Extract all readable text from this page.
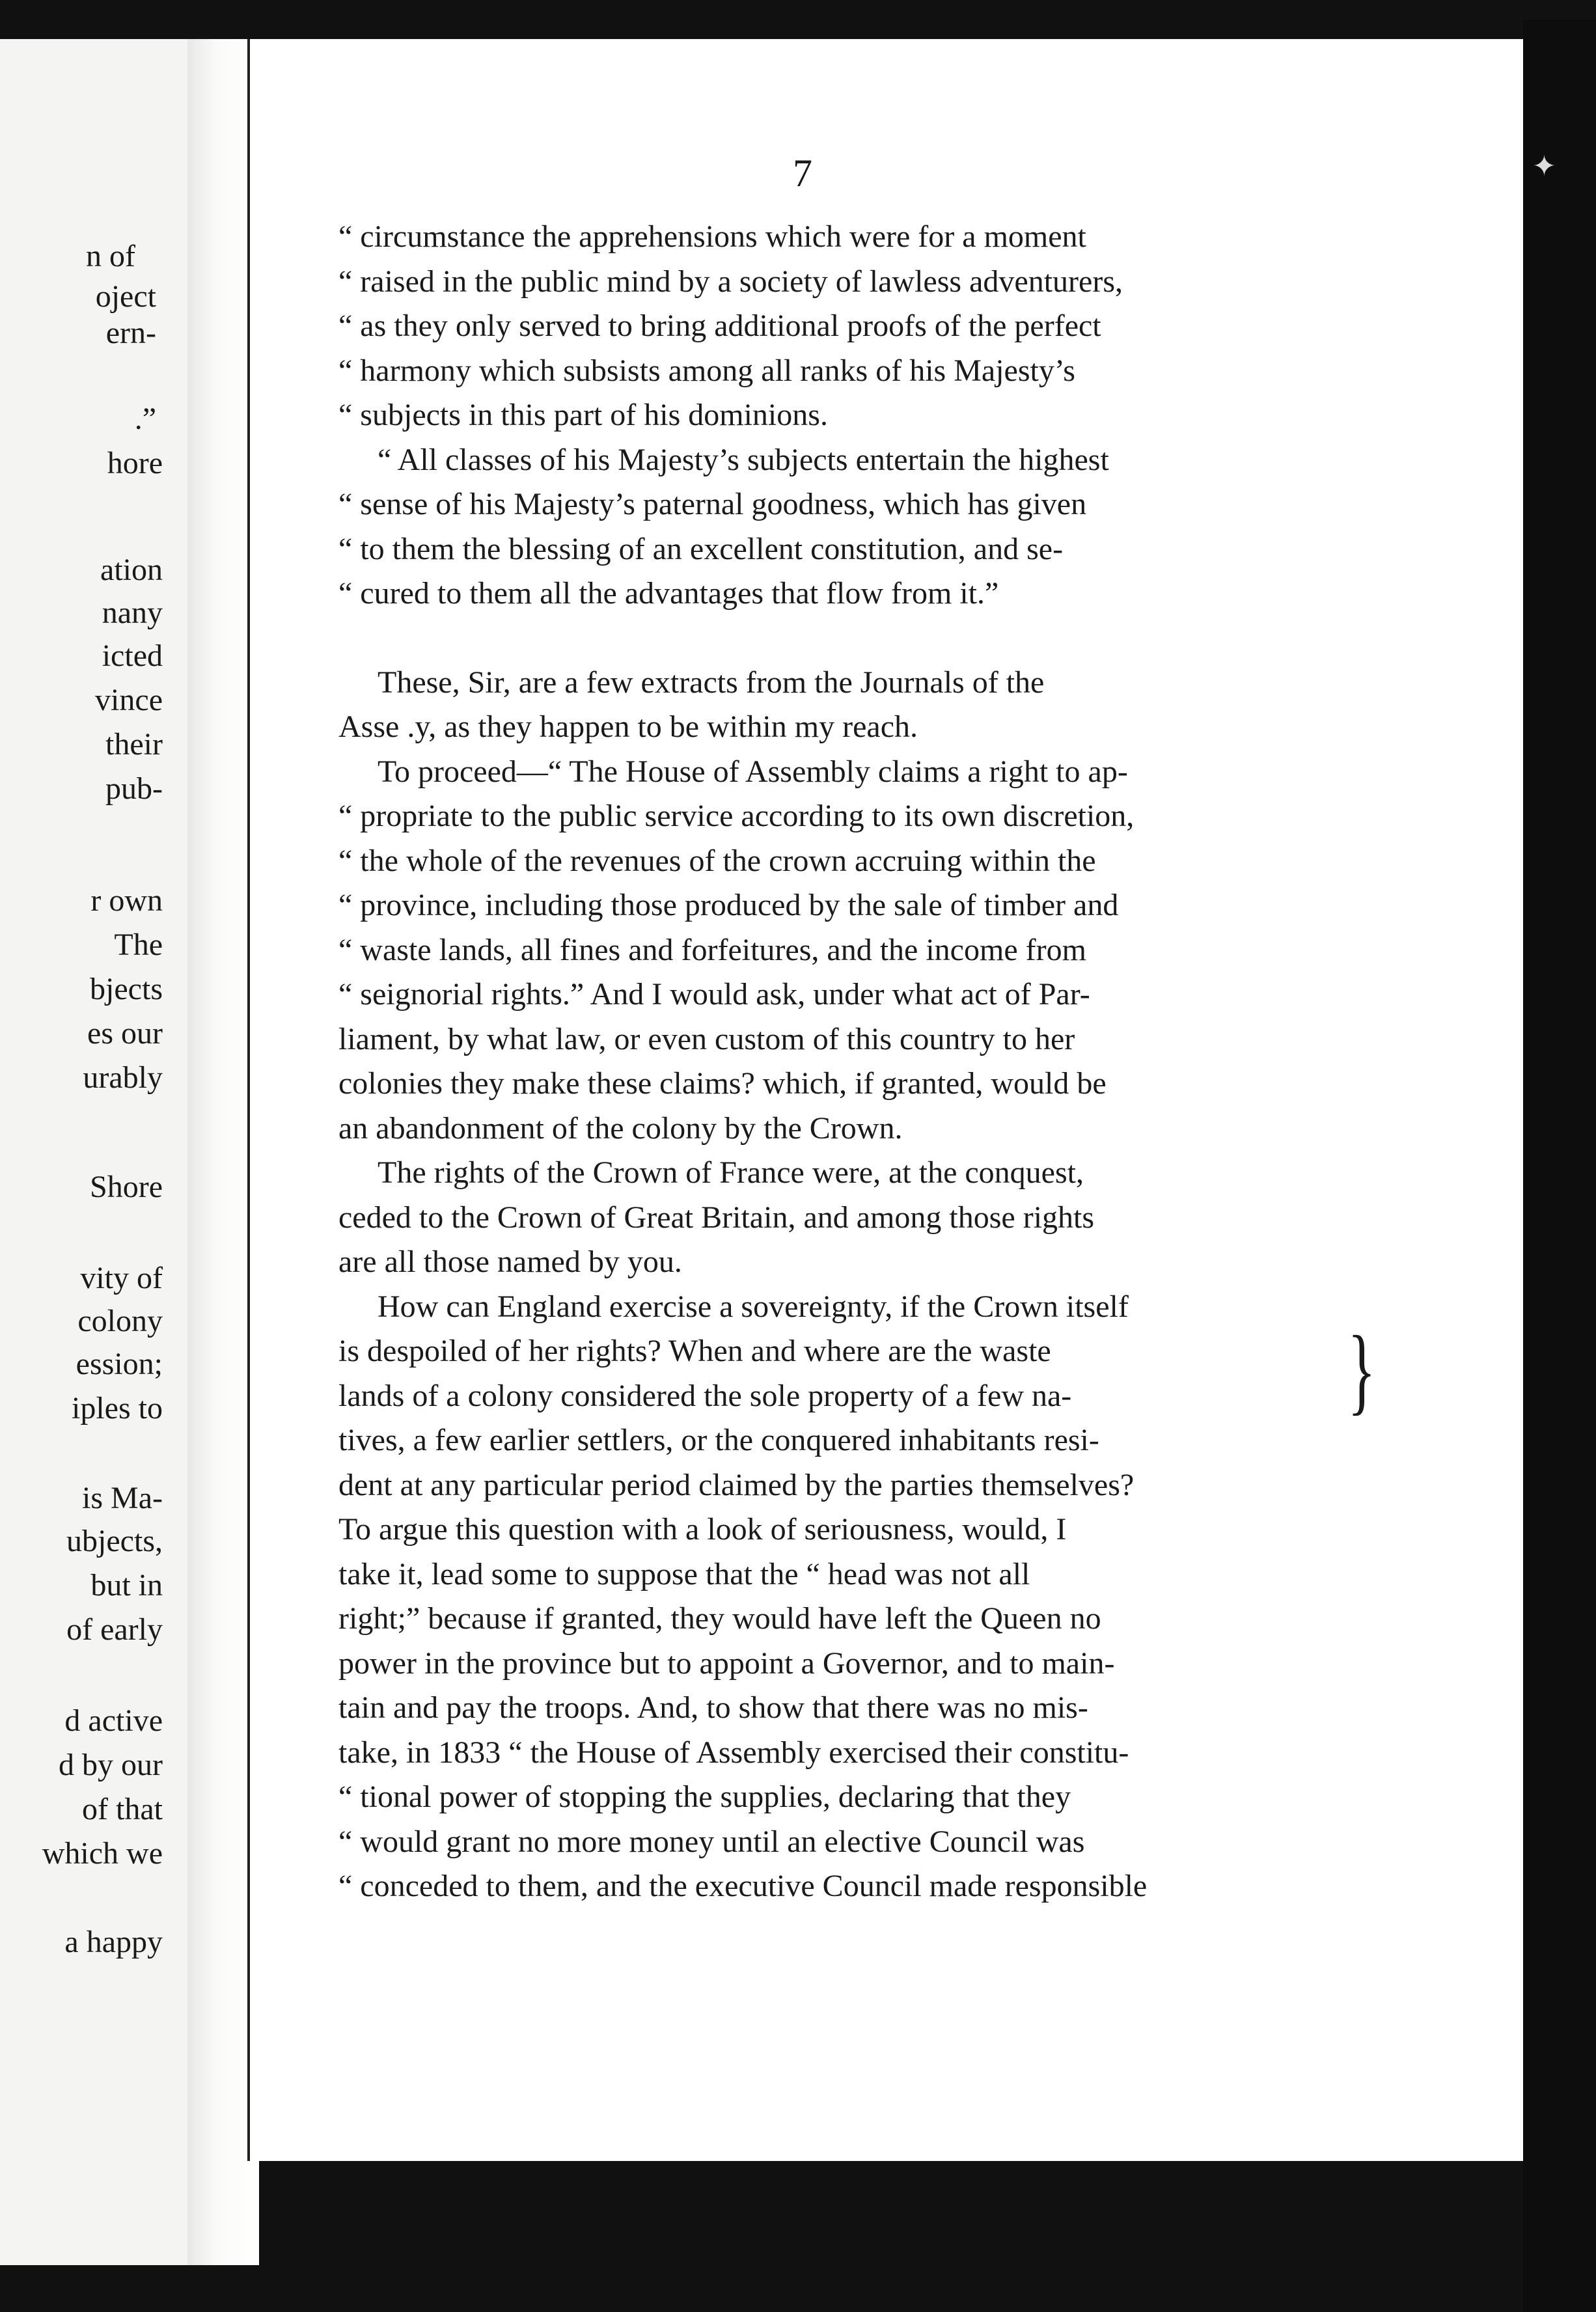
n of
oject
ern-
.”
hore
ation
nany
icted
vince
their
pub-
r own
The
bjects
es our
urably
Shore
vity of
colony
ession;
iples to
is Ma-
ubjects,
but in
of early
d active
d by our
of that
which we
a happy
✦
7

“ circumstance the apprehensions which were for a moment

“ raised in the public mind by a society of lawless adventurers,

“ as they only served to bring additional proofs of the perfect

“ harmony which subsists among all ranks of his Majesty’s

“ subjects in this part of his dominions.

“ All classes of his Majesty’s subjects entertain the highest

“ sense of his Majesty’s paternal goodness, which has given

“ to them the blessing of an excellent constitution, and se-

“ cured to them all the advantages that flow from it.”

These, Sir, are a few extracts from the Journals of the

Asse .y, as they happen to be within my reach.

To proceed—“ The House of Assembly claims a right to ap-

“ propriate to the public service according to its own discretion,

“ the whole of the revenues of the crown accruing within the

“ province, including those produced by the sale of timber and

“ waste lands, all fines and forfeitures, and the income from

“ seignorial rights.” And I would ask, under what act of Par-

liament, by what law, or even custom of this country to her

colonies they make these claims? which, if granted, would be

an abandonment of the colony by the Crown.

The rights of the Crown of France were, at the conquest,

ceded to the Crown of Great Britain, and among those rights

are all those named by you.

How can England exercise a sovereignty, if the Crown itself

is despoiled of her rights? When and where are the waste

lands of a colony considered the sole property of a few na-

tives, a few earlier settlers, or the conquered inhabitants resi-

dent at any particular period claimed by the parties themselves?

To argue this question with a look of seriousness, would, I

take it, lead some to suppose that the “ head was not all

right;” because if granted, they would have left the Queen no

power in the province but to appoint a Governor, and to main-

tain and pay the troops. And, to show that there was no mis-

take, in 1833 “ the House of Assembly exercised their constitu-

“ tional power of stopping the supplies, declaring that they

“ would grant no more money until an elective Council was

“ conceded to them, and the executive Council made responsible

}
